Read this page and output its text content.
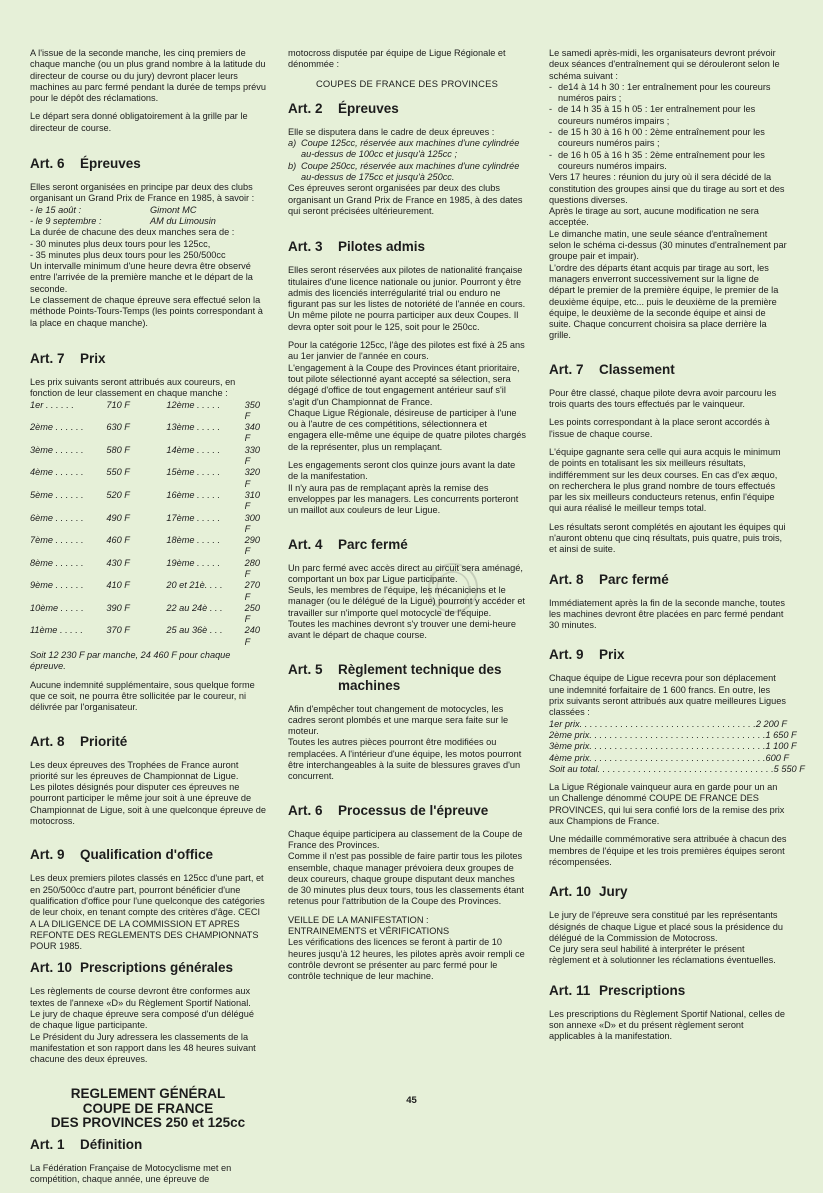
A l'issue de la seconde manche, les cinq premiers de chaque manche (ou un plus grand nombre à la latitude du directeur de course ou du jury) devront placer leurs machines au parc fermé pendant la durée de temps prévu pour le dépôt des réclamations.

Le départ sera donné obligatoirement à la grille par le directeur de course.

Art. 6	Épreuves

Elles seront organisées en principe par deux des clubs organisant un Grand Prix de France en 1985, à savoir :

- le 15 août :	Gimont MC
- le 9 septembre :	AM du Limousin
La durée de chacune des deux manches sera de :
- 30 minutes plus deux tours pour les 125cc,
- 35 minutes plus deux tours pour les 250/500cc
Un intervalle minimum d'une heure devra être observé entre l'arrivée de la première manche et le départ de la seconde.

Le classement de chaque épreuve sera effectué selon la méthode Points-Tours-Temps (les points correspondant à la place en chaque manche).

Art. 7	Prix
Les prix suivants seront attribués aux coureurs, en fonction de leur classement en chaque manche :
1er . . . . . .	710 F	12ème . . . . .	350 F
2ème . . . . . .	630 F	13ème . . . . .	340 F
3ème . . . . . .	580 F	14ème . . . . .	330 F
4ème . . . . . .	550 F	15ème . . . . .	320 F
5ème . . . . . .	520 F	16ème . . . . .	310 F
6ème . . . . . .	490 F	17ème . . . . .	300 F
7ème . . . . . .	460 F	18ème . . . . .	290 F
8ème . . . . . .	430 F	19ème . . . . .	280 F
9ème . . . . . .	410 F	20 et 21è. . . .	270 F
10ème . . . . .	390 F	22 au 24è . . .	250 F
11ème . . . . .	370 F	25 au 36è . . .	240 F

Soit 12 230 F par manche, 24 460 F pour chaque épreuve.

Aucune indemnité supplémentaire, sous quelque forme que ce soit, ne pourra être sollicitée par le coureur, ni délivrée par l'organisateur.

Art. 8	Priorité
Les deux épreuves des Trophées de France auront priorité sur les épreuves de Championnat de Ligue.

Les pilotes désignés pour disputer ces épreuves ne pourront participer le même jour soit à une épreuve de Championnat de Ligue, soit à une quelconque épreuve de motocross.

Art. 9	Qualification d'office

Les deux premiers pilotes classés en 125cc d'une part, et en 250/500cc d'autre part, pourront bénéficier d'une qualification d'office pour l'une quelconque des catégories de leur choix, en tenant compte des critères d'âge. CECI A LA DILIGENCE DE LA COMMISSION ET APRES REFONTE DES REGLEMENTS DES CHAMPIONNATS POUR 1985.

Art. 10 Prescriptions générales
Les règlements de course devront être conformes aux textes de l'annexe «D» du Règlement Sportif National.
Le jury de chaque épreuve sera composé d'un délégué de chaque ligue participante.

Le Président du Jury adressera les classements de la manifestation et son rapport dans les 48 heures suivant chacune des deux épreuves.

REGLEMENT GÉNÉRAL
COUPE DE FRANCE
DES PROVINCES 250 et 125cc
Art. 1	Définition

La Fédération Française de Motocyclisme met en compétition, chaque année, une épreuve de

motocross disputée par équipe de Ligue Régionale et dénommée :

COUPES DE FRANCE DES PROVINCES
Art. 2	Épreuves
Elle se disputera dans le cadre de deux épreuves :
a) Coupe 125cc, réservée aux machines d'une cylindrée au-dessus de 100cc et jusqu'à 125cc ;
b) Coupe 250cc, réservée aux machines d'une cylindrée au-dessus de 175cc et jusqu'à 250cc.

Ces épreuves seront organisées par deux des clubs organisant un Grand Prix de France en 1985, à des dates qui seront précisées ultérieurement.

Art. 3	Pilotes admis
Elles seront réservées aux pilotes de nationalité française titulaires d'une licence nationale ou junior. Pourront y être admis des licenciés interrégularité trial ou enduro ne figurant pas sur les listes de notoriété de l'année en cours.

Un même pilote ne pourra participer aux deux Coupes. Il devra opter soit pour le 125, soit pour le 250cc.

Pour la catégorie 125cc, l'âge des pilotes est fixé à 25 ans au 1er janvier de l'année en cours.
L'engagement à la Coupe des Provinces étant prioritaire, tout pilote sélectionné ayant accepté sa sélection, sera dégagé d'office de tout engagement antérieur sauf s'il s'agit d'un Championnat de France.

Chaque Ligue Régionale, désireuse de participer à l'une ou à l'autre de ces compétitions, sélectionnera et engagera elle-même une équipe de quatre pilotes chargés de la représenter, plus un remplaçant.

Les engagements seront clos quinze jours avant la date de la manifestation.

Il n'y aura pas de remplaçant après la remise des enveloppes par les managers. Les concurrents porteront un maillot aux couleurs de leur Ligue.

Art. 4	Parc fermé
Un parc fermé avec accès direct au circuit sera aménagé, comportant un box par Ligue participante.
Seuls, les membres de l'équipe, les mécaniciens et le manager (ou le délégué de la Ligue) pourront y accéder et travailler sur n'importe quel motocycle de l'équipe.

Toutes les machines devront s'y trouver une demi-heure avant le départ de chaque course.

Art. 5	Règlement technique des machines
Afin d'empêcher tout changement de motocycles, les cadres seront plombés et une marque sera faite sur le moteur.

Toutes les autres pièces pourront être modifiées ou remplacées. A l'intérieur d'une équipe, les motos pourront être interchangeables à la suite de blessures graves d'un concurrent.

Art. 6	Processus de l'épreuve
Chaque équipe participera au classement de la Coupe de France des Provinces.

Comme il n'est pas possible de faire partir tous les pilotes ensemble, chaque manager prévoiera deux groupes de deux coureurs, chaque groupe disputant deux manches de 30 minutes plus deux tours, tous les classements étant retenus pour l'attribution de la Coupe des Provinces.

VEILLE DE LA MANIFESTATION :
ENTRAINEMENTS et VÉRIFICATIONS

Les vérifications des licences se feront à partir de 10 heures jusqu'à 12 heures, les pilotes après avoir rempli ce contrôle devront se présenter au parc fermé pour le contrôle technique de leur machine.

Le samedi après-midi, les organisateurs devront prévoir deux séances d'entraînement qui se dérouleront selon le schéma suivant :
- de14 à 14 h 30 : 1er entraînement pour les coureurs numéros pairs ;
- de 14 h 35 à 15 h 05 : 1er entraînement pour les coureurs numéros impairs ;
- de 15 h 30 à 16 h 00 : 2ème entraînement pour les coureurs numéros pairs ;
- de 16 h 05 à 16 h 35 : 2ème entraînement pour les coureurs numéros impairs.
Vers 17 heures : réunion du jury où il sera décidé de la constitution des groupes ainsi que du tirage au sort et des questions diverses.
Après le tirage au sort, aucune modification ne sera acceptée.
Le dimanche matin, une seule séance d'entraînement selon le schéma ci-dessus (30 minutes d'entraînement par groupe pair et impair).

L'ordre des départs étant acquis par tirage au sort, les managers enverront successivement sur la ligne de départ le premier de la première équipe, le premier de la deuxième équipe, etc... puis le deuxième de la première équipe, le deuxième de la seconde équipe et ainsi de suite. Chaque concurrent choisira sa place derrière la grille.

Art. 7	Classement

Pour être classé, chaque pilote devra avoir parcouru les trois quarts des tours effectués par le vainqueur.

Les points correspondant à la place seront accordés à l'issue de chaque course.

L'équipe gagnante sera celle qui aura acquis le minimum de points en totalisant les six meilleurs résultats, indifféremment sur les deux courses. En cas d'ex æquo, on recherchera le plus grand nombre de tours effectués par les six meilleurs conducteurs retenus, enfin l'équipe qui aura réalisé le meilleur temps total.

Les résultats seront complétés en ajoutant les équipes qui n'auront obtenu que cinq résultats, puis quatre, puis trois, et ainsi de suite.

Art. 8	Parc fermé

Immédiatement après la fin de la seconde manche, toutes les machines devront être placées en parc fermé pendant 30 minutes.

Art. 9	Prix
Chaque équipe de Ligue recevra pour son déplacement une indemnité forfaitaire de 1 600 francs. En outre, les prix suivants seront attribués aux quatre meilleures Ligues classées :
1er prix . . . . . . . . . . . . . . . . . . . . . . . . . . . . . . . . . . . 2 200 F
2ème prix . . . . . . . . . . . . . . . . . . . . . . . . . . . . . . . . . . . 1 650 F
3ème prix . . . . . . . . . . . . . . . . . . . . . . . . . . . . . . . . . . . 1 100 F
4ème prix . . . . . . . . . . . . . . . . . . . . . . . . . . . . . . . . . . . 600 F
Soit au total . . . . . . . . . . . . . . . . . . . . . . . . . . . . . . . . . . . 5 550 F

La Ligue Régionale vainqueur aura en garde pour un an un Challenge dénommé COUPE DE FRANCE DES PROVINCES, qui lui sera confié lors de la remise des prix aux Champions de France.

Une médaille commémorative sera attribuée à chacun des membres de l'équipe et les trois premières équipes seront récompensées.

Art. 10 Jury
Le jury de l'épreuve sera constitué par les représentants désignés de chaque Ligue et placé sous la présidence du délégué de la Commission de Motocross.

Ce jury sera seul habilité à interpréter le présent règlement et à solutionner les réclamations éventuelles.

Art. 11 Prescriptions

Les prescriptions du Règlement Sportif National, celles de son annexe «D» et du présent règlement seront applicables à la manifestation.

45
